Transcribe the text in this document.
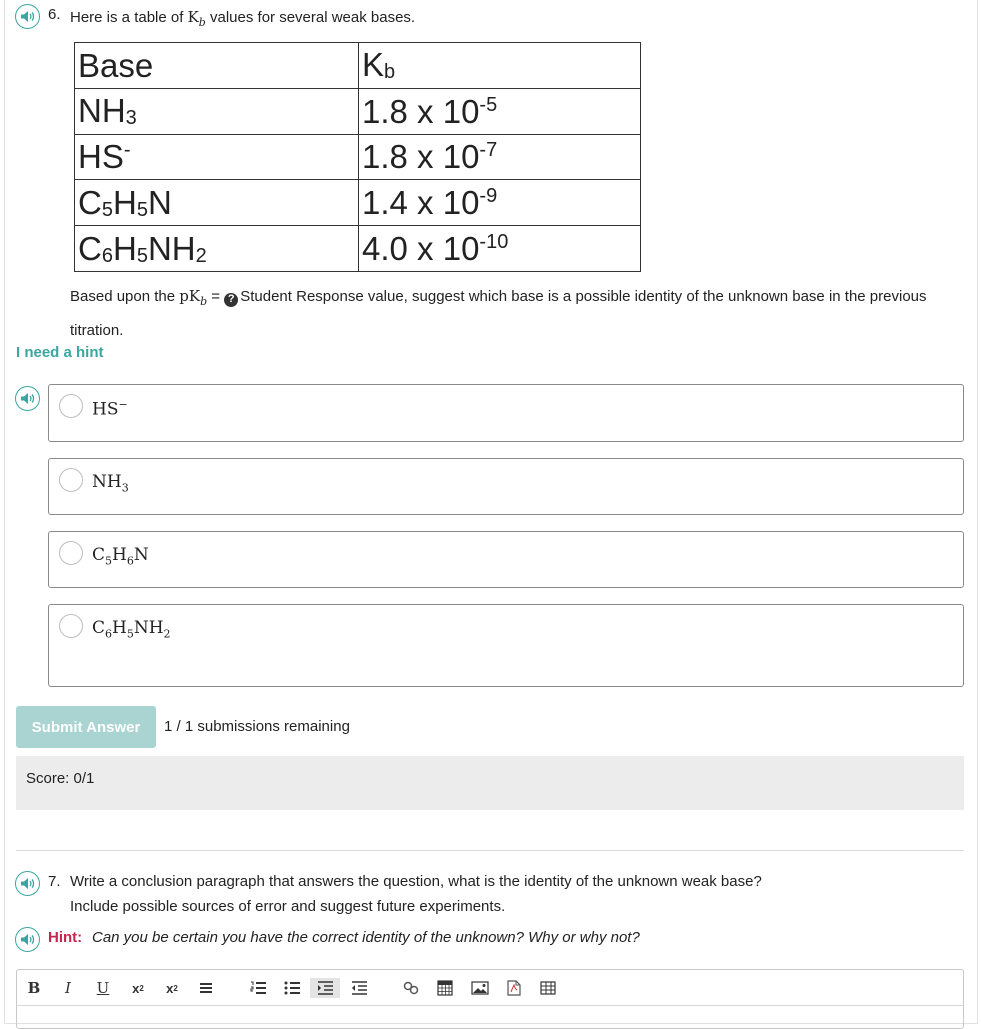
6. Here is a table of $K_b$ values for several weak bases.
Base	$K_b$
$NH_3$	1.8 x $10^{-5}$
HS-	1.8 x $10^{-7}$
$C_5H_5N$	1.4 x $10^{-9}$
$C_6H_5NH_2$	4.0 x $10^{-10}$
Based upon the $pK_b$ = ? Student Response value, suggest which base is a possible identity of the unknown base in the previous titration.
I need a hint
HS−
$NH_3$
$C_5H_6N$
$C_6H_5NH_2$
Submit Answer	1 / 1 submissions remaining
Score: 0/1
7. Write a conclusion paragraph that answers the question, what is the identity of the unknown weak base?
Include possible sources of error and suggest future experiments.
Hint: Can you be certain you have the correct identity of the unknown? Why or why not?
B	I	U x 2 x 2
